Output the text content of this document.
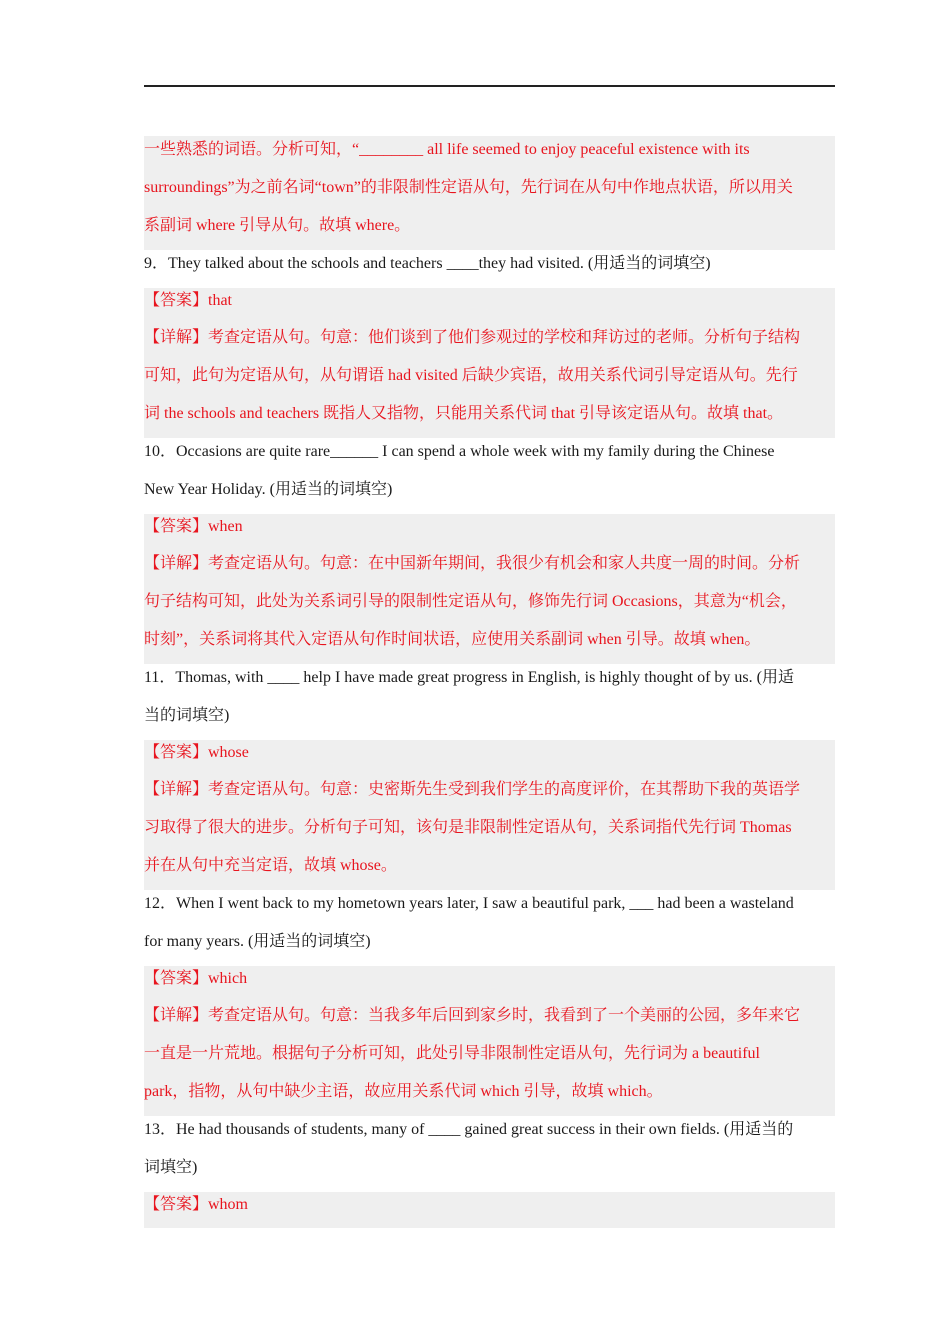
一些熟悉的词语。分析可知，“________ all life seemed to enjoy peaceful existence with its
surroundings”为之前名词“town”的非限制性定语从句，先行词在从句中作地点状语，所以用关
系副词 where 引导从句。故填 where。
9．They talked about the schools and teachers ____they had visited. (用适当的词填空)
【答案】that
【详解】考查定语从句。句意：他们谈到了他们参观过的学校和拜访过的老师。分析句子结构
可知，此句为定语从句，从句谓语 had visited 后缺少宾语，故用关系代词引导定语从句。先行
词 the schools and teachers 既指人又指物，只能用关系代词 that 引导该定语从句。故填 that。
10．Occasions are quite rare______ I can spend a whole week with my family during the Chinese
New Year Holiday. (用适当的词填空)
【答案】when
【详解】考查定语从句。句意：在中国新年期间，我很少有机会和家人共度一周的时间。分析
句子结构可知，此处为关系词引导的限制性定语从句，修饰先行词 Occasions，其意为“机会，
时刻”，关系词将其代入定语从句作时间状语，应使用关系副词 when 引导。故填 when。
11．Thomas, with ____ help I have made great progress in English, is highly thought of by us. (用适
当的词填空)
【答案】whose
【详解】考查定语从句。句意：史密斯先生受到我们学生的高度评价，在其帮助下我的英语学
习取得了很大的进步。分析句子可知，该句是非限制性定语从句，关系词指代先行词 Thomas
并在从句中充当定语，故填 whose。
12．When I went back to my hometown years later, I saw a beautiful park, ___ had been a wasteland
for many years. (用适当的词填空)
【答案】which
【详解】考查定语从句。句意：当我多年后回到家乡时，我看到了一个美丽的公园，多年来它
一直是一片荒地。根据句子分析可知，此处引导非限制性定语从句，先行词为 a beautiful
park，指物，从句中缺少主语，故应用关系代词 which 引导，故填 which。
13．He had thousands of students, many of ____ gained great success in their own fields. (用适当的
词填空)
【答案】whom
